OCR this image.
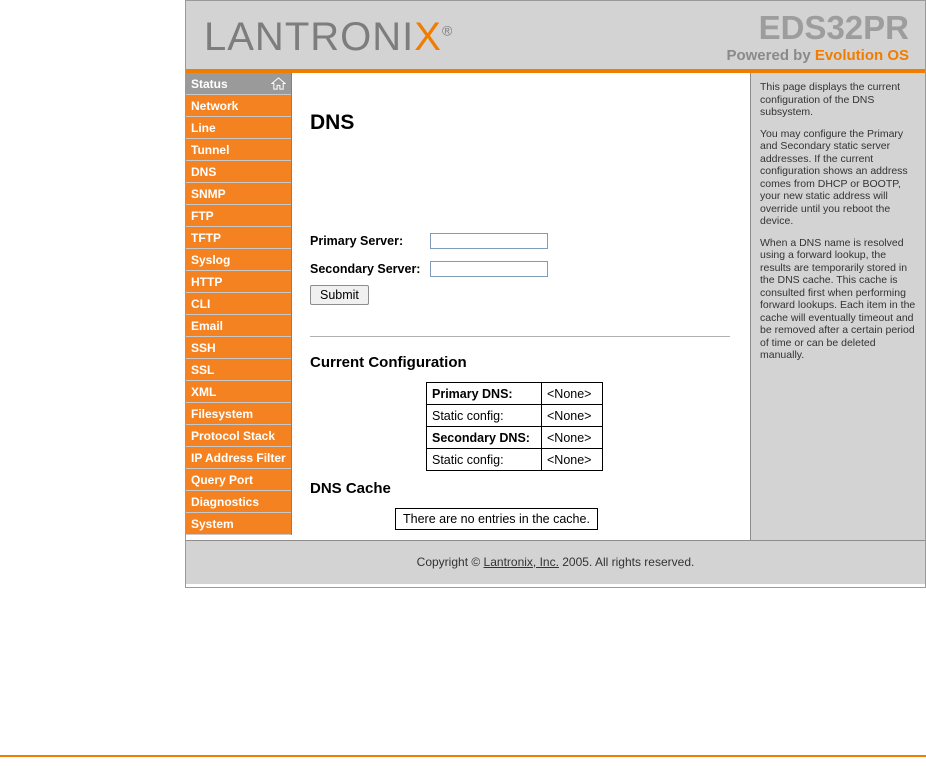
LANTRONIX®	EDS32PR
Powered by Evolution OS
Status
Network
Line
Tunnel
DNS
SNMP
FTP
TFTP
Syslog
HTTP
CLI
Email
SSH
SSL
XML
Filesystem
Protocol Stack
IP Address Filter
Query Port
Diagnostics
System
DNS
Primary Server:
Secondary Server:
Submit
Current Configuration
Primary DNS:	<None>
Static config:	<None>
Secondary DNS:	<None>
Static config:	<None>
DNS Cache
There are no entries in the cache.

This page displays the current configuration of the DNS subsystem.

You may configure the Primary and Secondary static server addresses. If the current configuration shows an address comes from DHCP or BOOTP, your new static address will override until you reboot the device.

When a DNS name is resolved using a forward lookup, the results are temporarily stored in the DNS cache. This cache is consulted first when performing forward lookups. Each item in the cache will eventually timeout and be removed after a certain period of time or can be deleted manually.

Copyright © Lantronix, Inc. 2005. All rights reserved.
